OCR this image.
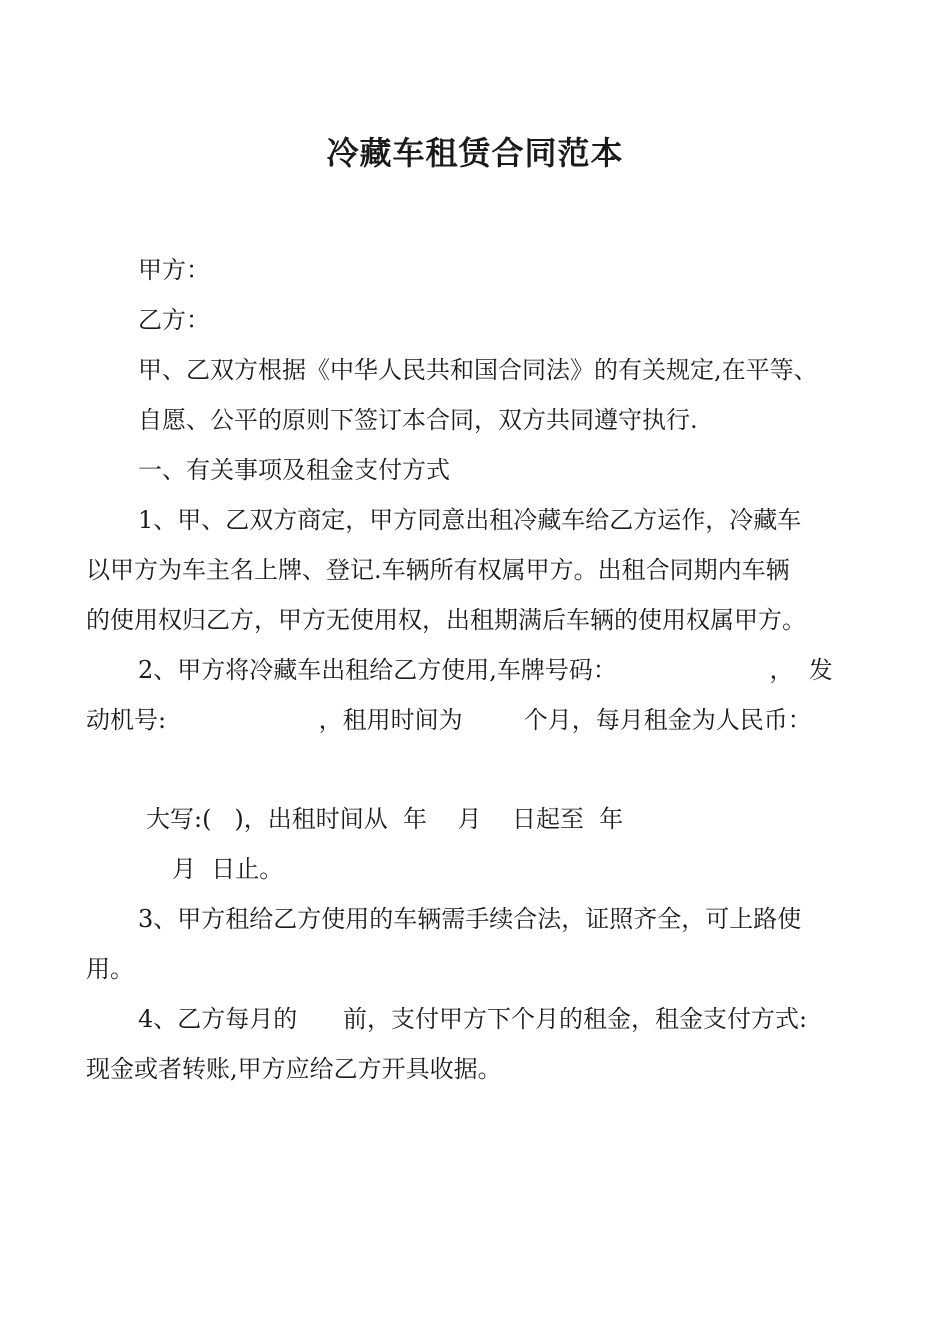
冷藏车租赁合同范本
甲方：
乙方：
甲、乙双方根据《中华人民共和国合同法》的有关规定,在平等、
自愿、公平的原则下签订本合同，双方共同遵守执行.
一、有关事项及租金支付方式
1、甲、乙双方商定，甲方同意出租冷藏车给乙方运作，冷藏车
以甲方为车主名上牌、登记.车辆所有权属甲方。出租合同期内车辆
的使用权归乙方，甲方无使用权，出租期满后车辆的使用权属甲方。
2、甲方将冷藏车出租给乙方使用,车牌号码：                    ，  发
动机号:                    ，租用时间为        个月，每月租金为人民币：
大写:(   )，出租时间从  年    月    日起至  年
月  日止。
3、甲方租给乙方使用的车辆需手续合法，证照齐全，可上路使
用。
4、乙方每月的      前，支付甲方下个月的租金，租金支付方式:
现金或者转账,甲方应给乙方开具收据。
